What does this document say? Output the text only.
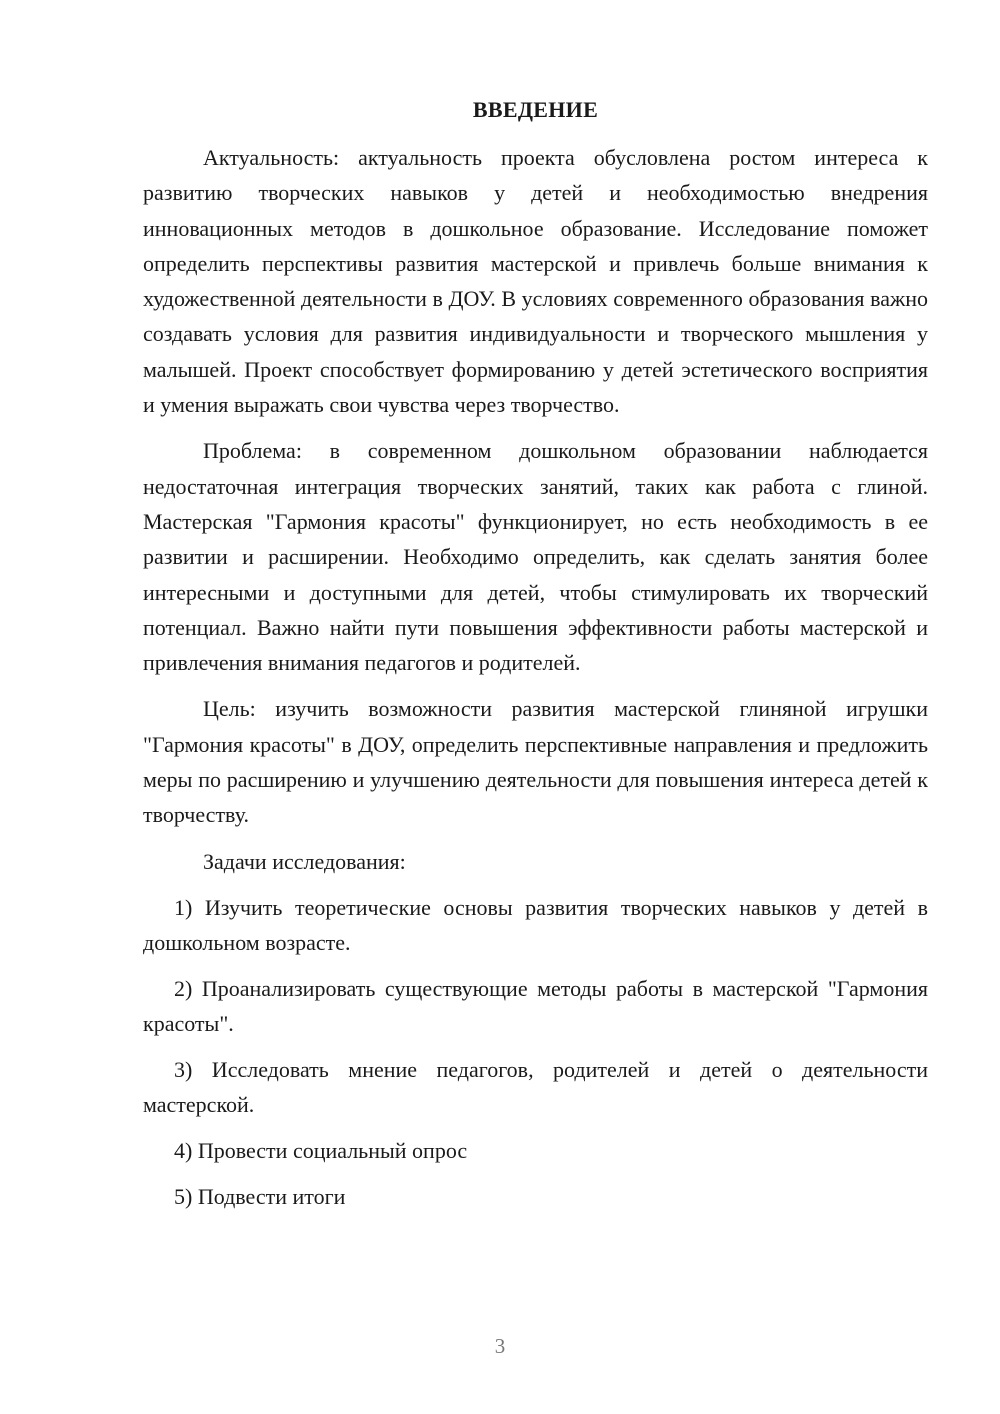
ВВЕДЕНИЕ

Актуальность: актуальность проекта обусловлена ростом интереса к развитию творческих навыков у детей и необходимостью внедрения инновационных методов в дошкольное образование. Исследование поможет определить перспективы развития мастерской и привлечь больше внимания к художественной деятельности в ДОУ. В условиях современного образования важно создавать условия для развития индивидуальности и творческого мышления у малышей. Проект способствует формированию у детей эстетического восприятия и умения выражать свои чувства через творчество.

Проблема: в современном дошкольном образовании наблюдается недостаточная интеграция творческих занятий, таких как работа с глиной. Мастерская "Гармония красоты" функционирует, но есть необходимость в ее развитии и расширении. Необходимо определить, как сделать занятия более интересными и доступными для детей, чтобы стимулировать их творческий потенциал. Важно найти пути повышения эффективности работы мастерской и привлечения внимания педагогов и родителей.

Цель: изучить возможности развития мастерской глиняной игрушки "Гармония красоты" в ДОУ, определить перспективные направления и предложить меры по расширению и улучшению деятельности для повышения интереса детей к творчеству.

Задачи исследования:

1) Изучить теоретические основы развития творческих навыков у детей в дошкольном возрасте.

2) Проанализировать существующие методы работы в мастерской "Гармония красоты".

3) Исследовать мнение педагогов, родителей и детей о деятельности мастерской.

4) Провести социальный опрос

5) Подвести итоги

3
